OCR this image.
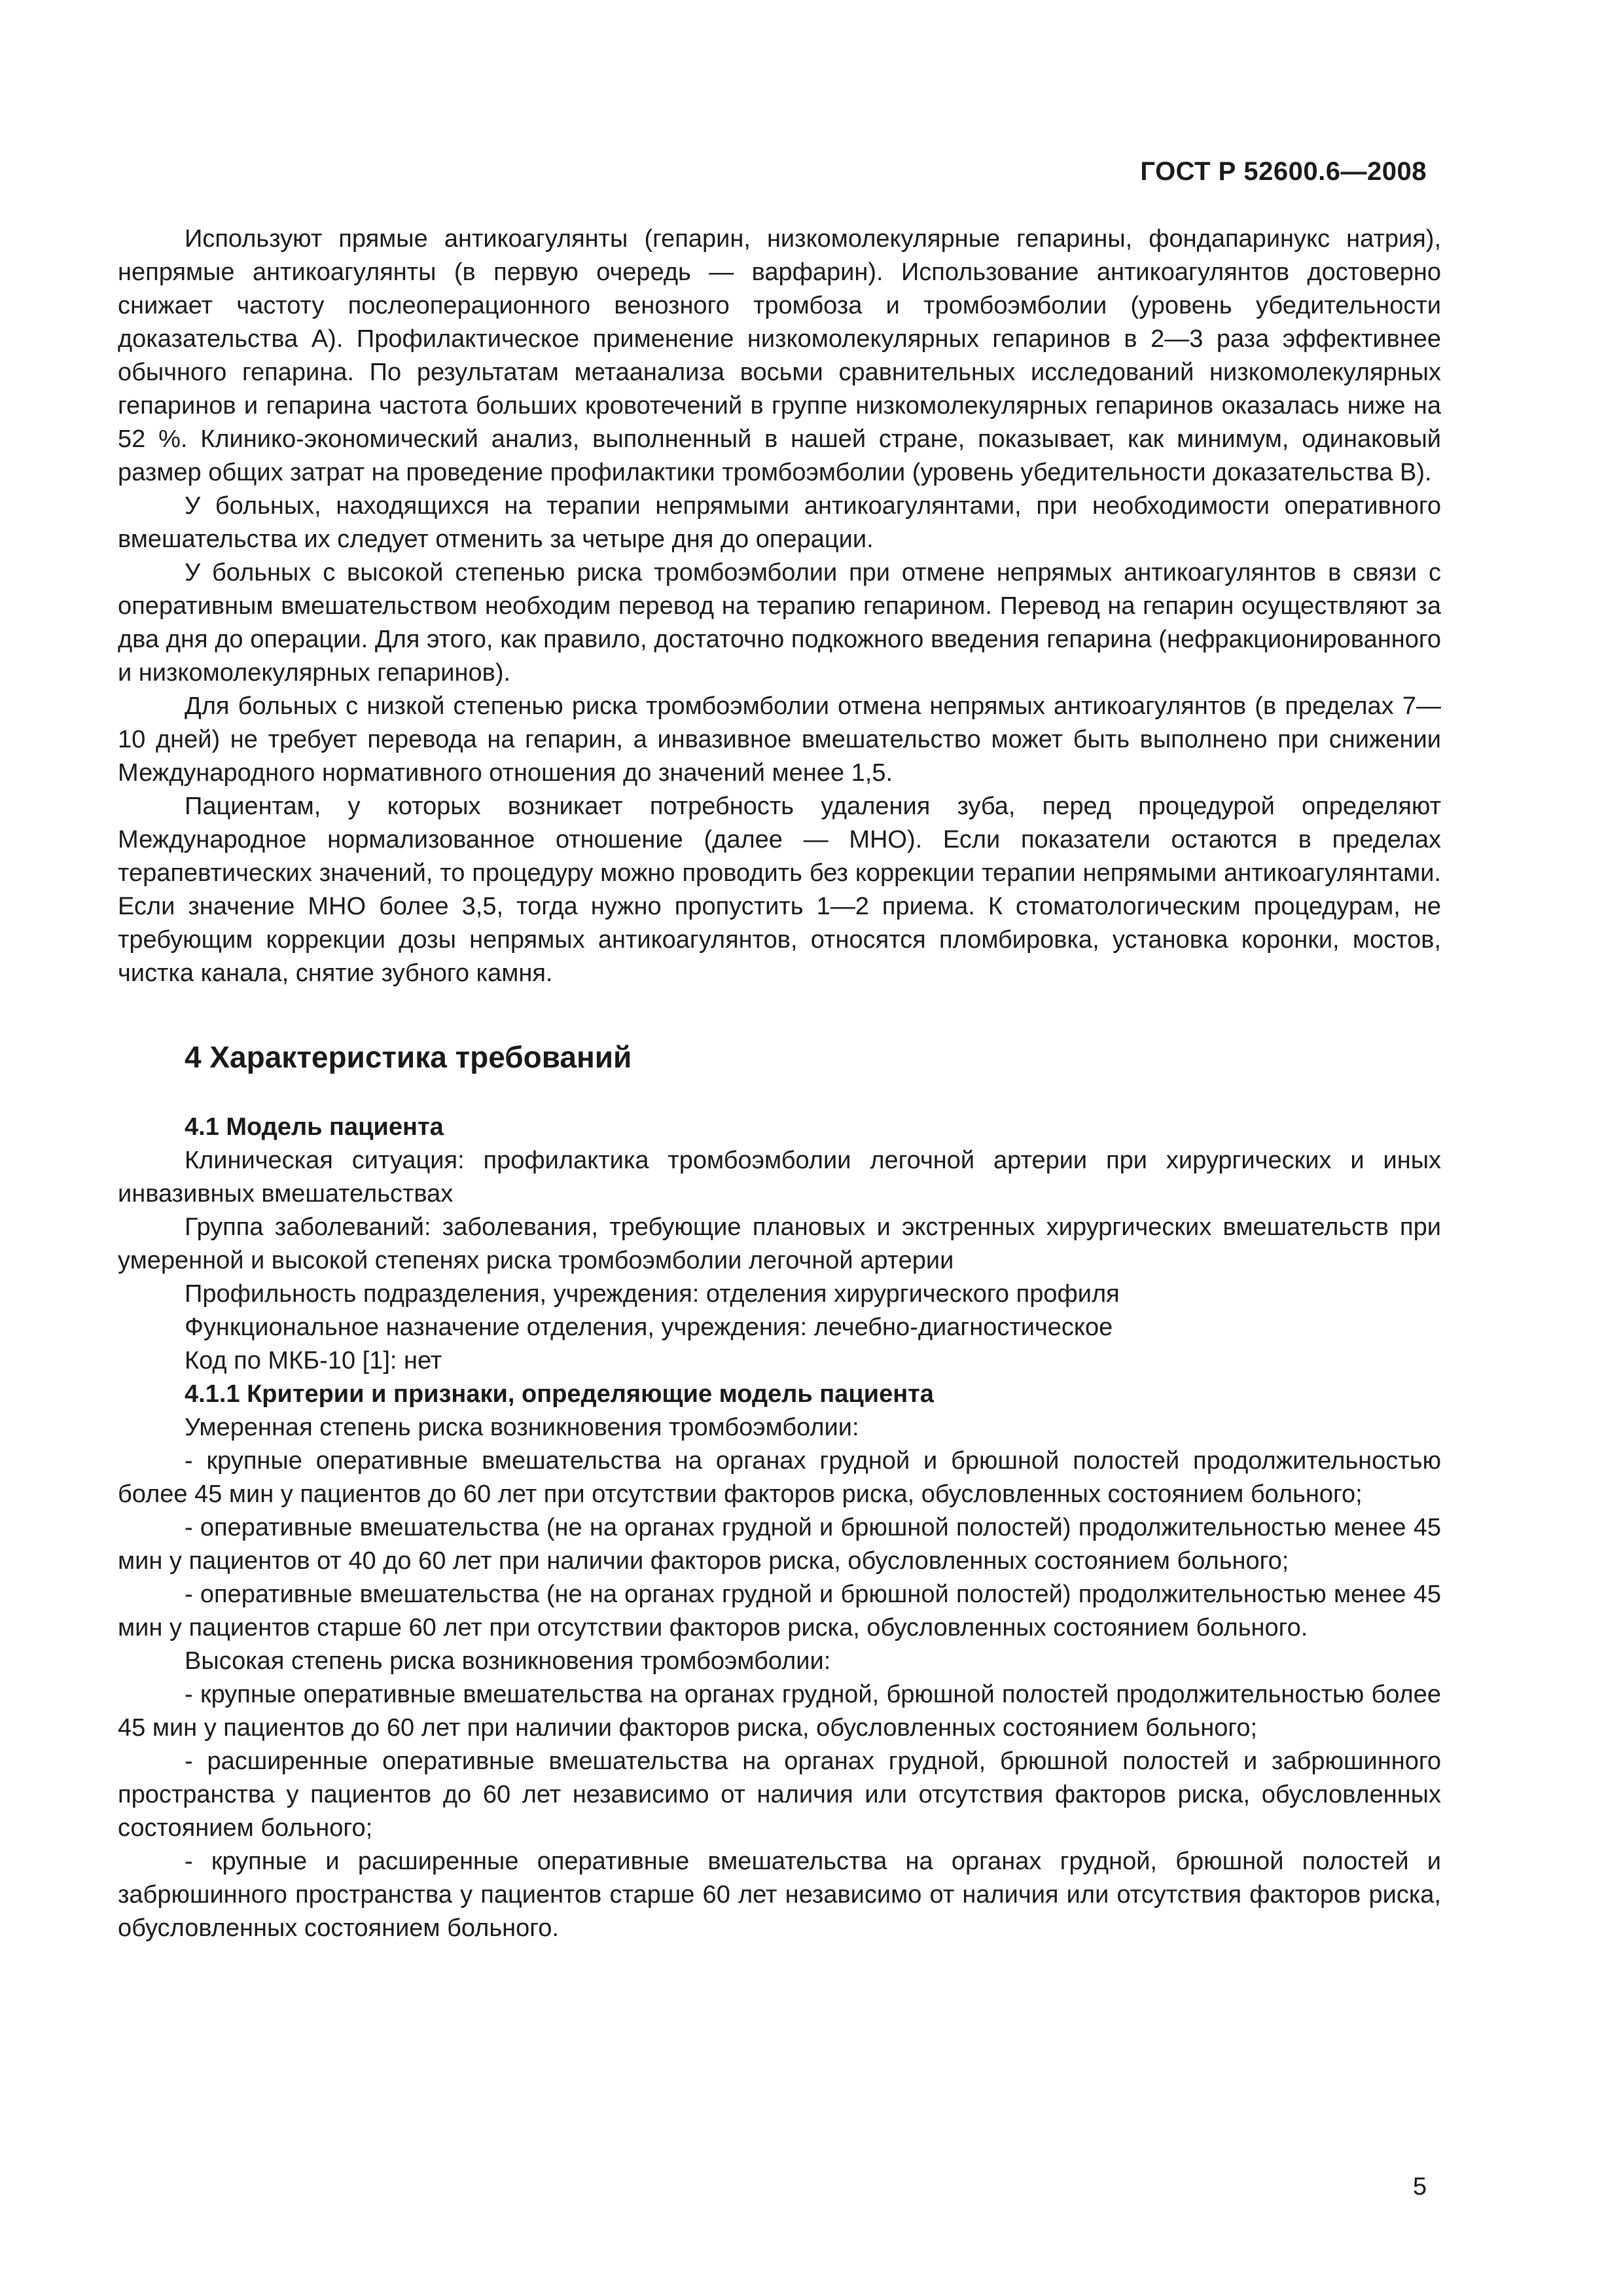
ГОСТ Р 52600.6—2008

Используют прямые антикоагулянты (гепарин, низкомолекулярные гепарины, фондапаринукс натрия), непрямые антикоагулянты (в первую очередь — варфарин). Использование антикоагулянтов достоверно снижает частоту послеоперационного венозного тромбоза и тромбоэмболии (уровень убедительности доказательства А). Профилактическое применение низкомолекулярных гепаринов в 2—3 раза эффективнее обычного гепарина. По результатам метаанализа восьми сравнительных исследований низкомолекулярных гепаринов и гепарина частота больших кровотечений в группе низкомолекулярных гепаринов оказалась ниже на 52 %. Клинико-экономический анализ, выполненный в нашей стране, показывает, как минимум, одинаковый размер общих затрат на проведение профилактики тромбоэмболии (уровень убедительности доказательства В).

У больных, находящихся на терапии непрямыми антикоагулянтами, при необходимости оперативного вмешательства их следует отменить за четыре дня до операции.

У больных с высокой степенью риска тромбоэмболии при отмене непрямых антикоагулянтов в связи с оперативным вмешательством необходим перевод на терапию гепарином. Перевод на гепарин осуществляют за два дня до операции. Для этого, как правило, достаточно подкожного введения гепарина (нефракционированного и низкомолекулярных гепаринов).

Для больных с низкой степенью риска тромбоэмболии отмена непрямых антикоагулянтов (в пределах 7—10 дней) не требует перевода на гепарин, а инвазивное вмешательство может быть выполнено при снижении Международного нормативного отношения до значений менее 1,5.

Пациентам, у которых возникает потребность удаления зуба, перед процедурой определяют Международное нормализованное отношение (далее — МНО). Если показатели остаются в пределах терапевтических значений, то процедуру можно проводить без коррекции терапии непрямыми антикоагулянтами. Если значение МНО более 3,5, тогда нужно пропустить 1—2 приема. К стоматологическим процедурам, не требующим коррекции дозы непрямых антикоагулянтов, относятся пломбировка, установка коронки, мостов, чистка канала, снятие зубного камня.

4 Характеристика требований
4.1 Модель пациента

Клиническая ситуация: профилактика тромбоэмболии легочной артерии при хирургических и иных инвазивных вмешательствах

Группа заболеваний: заболевания, требующие плановых и экстренных хирургических вмешательств при умеренной и высокой степенях риска тромбоэмболии легочной артерии

Профильность подразделения, учреждения: отделения хирургического профиля

Функциональное назначение отделения, учреждения: лечебно-диагностическое

Код по МКБ-10 [1]: нет

4.1.1 Критерии и признаки, определяющие модель пациента

Умеренная степень риска возникновения тромбоэмболии:

- крупные оперативные вмешательства на органах грудной и брюшной полостей продолжительностью более 45 мин у пациентов до 60 лет при отсутствии факторов риска, обусловленных состоянием больного;

- оперативные вмешательства (не на органах грудной и брюшной полостей) продолжительностью менее 45 мин у пациентов от 40 до 60 лет при наличии факторов риска, обусловленных состоянием больного;

- оперативные вмешательства (не на органах грудной и брюшной полостей) продолжительностью менее 45 мин у пациентов старше 60 лет при отсутствии факторов риска, обусловленных состоянием больного.

Высокая степень риска возникновения тромбоэмболии:

- крупные оперативные вмешательства на органах грудной, брюшной полостей продолжительностью более 45 мин у пациентов до 60 лет при наличии факторов риска, обусловленных состоянием больного;

- расширенные оперативные вмешательства на органах грудной, брюшной полостей и забрюшинного пространства у пациентов до 60 лет независимо от наличия или отсутствия факторов риска, обусловленных состоянием больного;

- крупные и расширенные оперативные вмешательства на органах грудной, брюшной полостей и забрюшинного пространства у пациентов старше 60 лет независимо от наличия или отсутствия факторов риска, обусловленных состоянием больного.

5
